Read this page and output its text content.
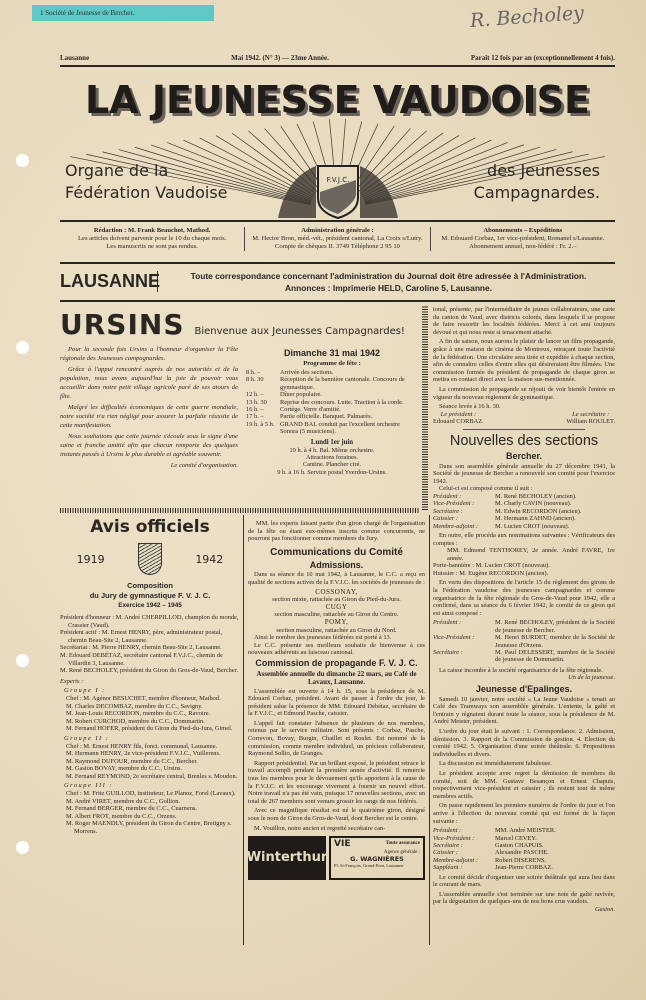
1 Société de Jeunesse de Bercher.	R. Becholey
Lausanne	Mai 1942. (N° 3) — 23me Année.	Paraît 12 fois par an (exceptionnellement 4 fois).
F.V.J.C.
LA JEUNESSE VAUDOISE
Organe de la
Fédération Vaudoise
des Jeunesses
Campagnardes.
Rédaction : M. Frank Beauchot, Mathod.
Les articles doivent parvenir pour le 10 du chaque mois.
Les manuscrits ne sont pas rendus.
Administration générale :
M. Hector Bron, méd.-vét., président cantonal, La Croix s/Lutry.
Compte de chèques II. 3749 Téléphone 2 95 10
Abonnements – Expéditions
M. Edouard Corbaz, 1er vice-président, Romanel s/Lausanne.
Abonnement annuel, non-fédéré : Fr. 2.–
LAUSANNE	Toute correspondance concernant l'administration du Journal doit être adressée à l'Administration.
Annonces : Imprimerie HELD, Caroline 5, Lausanne.
URSINS Bienvenue aux Jeunesses Campagnardes!

Pour la seconde fois Ursins a l'honneur d'organiser la Fête régionale des Jeunesses campagnardes.

Grâce à l'appui rencontré auprès de nos autorités et de la population, nous avons aujourd'hui la joie de pouvoir vous accueillir dans notre petit village agricole paré de ses atours de fête.

Malgré les difficultés économiques de cette guerre mondiale, notre société n'a rien négligé pour assurer la parfaite réussite de cette manifestation.

Nous souhaitons que cette journée s'écoule sous le signe d'une saine et franche amitié afin que chacun remporte des quelques instants passés à Ursins le plus durable et agréable souvenir.

Le comité d'organisation.

Dimanche 31 mai 1942
Programme de fête :
8 h. –	Arrivée des sections.
8 h. 30	Réception de la bannière cantonale. Concours de gymnastique.
12 h. –	Dîner populaire.
13 h. 30	Reprise des concours. Lutte. Traction à la corde.
16 h. –	Cortège. Verre d'amitié.
17 h. –	Partie officielle. Banquet. Palmarès.
19 h. à 5 h. GRAND BAL conduit par l'excellent orchestre Sonora (5 musiciens).
Lundi 1er juin
19 h. à 4 h. Bal. Même orchestre.
Attractions foraines.
Cantine. Plancher ciré.
9 h. à 16 h. Service postal Yverdon-Ursins.

tonal, présente, par l'intermédiaire de jeunes collaborateurs, une carte du canton de Vaud, avec districts colorés, dans lesquels il se propose de faire ressortir les localités fédérées. Merci à cet ami toujours dévoué et qui nous reste si tenacement attaché.

A fin de saison, nous aurons le plaisir de lancer un film propagande, grâce à une maison de cinéma de Montreux, retraçant toute l'activité de la fédération. Une circulaire sera tirée et expédiée à chaque section, afin de connaître celles d'entre elles qui désireraient être filmées. Une commission formée du président de propagande de chaque giron se mettra en contact direct avec la maison sus-mentionnée.

La commission de propagande se réjouit de voir bientôt l'entrée en vigueur du nouveau règlement de gymnastique.

Séance levée à 16 h. 30.

Le président :
Edouard CORBAZ.
Le secrétaire :
William ROULET.
Nouvelles des sections
Bercher.

Dans son assemblée générale annuelle du 27 décembre 1941, la Société de jeunesse de Bercher a renouvelé son comité pour l'exercice 1942.

Celui-ci est composé comme il suit :

Président :	M. René BECHOLEY (ancien).
Vice-Président :	M. Charly CAVIN (nouveau).
Secrétaire :	M. Edwin RECORDON (ancien).
Caissier :	M. Hermann ZAHND (ancien).
Membre-adjoint :	M. Lucien CROT (nouveau).

En outre, elle procéda aux nominations suivantes : Vérificateurs des comptes :

MM. Edmond TENTHOREY, 2e année. André FAVRE, 1re année.

Porte-bannière : M. Lucien CROT (nouveau).

Huissier : M. Eugène RECORDON (ancien).

En vertu des dispositions de l'article 15 du règlement des girons de la Fédération vaudoise des jeunesses campagnardes et comme organisatrice de la fête régionale du Gros-de-Vaud pour 1942, elle a confirmé, dans sa séance du 6 février 1942, le comité de ce giron qui est ainsi composé :

Président :	M. René BECHOLEY, président de la Société de jeunesse de Bercher.
Vice-Président :	M. Henri BURDET, membre de la Société de Jeunesse d'Orzens.
Secrétaire :	M. Paul DELESSERT, membre de la Société de jeunesse de Dommartin.

La caisse incombe à la société organisatrice de la fête régionale.

Un de la jeunesse.

Jeunesse d'Epalinges.

Samedi 10 janvier, notre société « La Jeune Vaudoise » tenait au Café des Tramways son assemblée générale. L'entente, la gaîté et l'entrain y régnaient durant toute la séance, sous la présidence de M. André Meister, président.

L'ordre du jour était le suivant : 1. Correspondance. 2. Admission, démission. 3. Rapport de la Commission de gestion. 4. Election du comité 1942. 5. Organisation d'une soirée théâtrale. 6. Propositions individuelles et divers.

La discussion est immédiatement fabuleuse.

Le président accepte avec regret la démission de membres du comité, soit de MM. Gustave Besançon et Ernest Chapuis, respectivement vice-président et caissier ; ils restent tout de même membres actifs.

On passe rapidement les premiers numéros de l'ordre du jour et l'on arrive à l'élection du nouveau comité qui est formé de la façon suivante :

Président :	MM. André MEISTER.
Vice-Président :	Marcel CEVEY.
Secrétaire :	Gaston CHAPUIS.
Caissier :	Alexandre PASCHE.
Membre-adjoint :	Robert DISERENS.
Suppléant :	Jean-Pierre CORBAZ.

Le comité décide d'organiser une soirée théâtrale qui aura lieu dans le courant de mars.

L'assemblée annuelle s'est terminée sur une note de gaîté ravivée, par la dégustation de quelques-uns de nos bons crus vaudois.

Gaston.

Avis officiels
1919	1942
Composition
du Jury de gymnastique F. V. J. C.
Exercice 1942 – 1945

Président d'honneur : M. André CHERPILLOD, champion du monde, Crassier (Vaud).

Président actif : M. Ernest HENRY, père, administrateur postal, chemin Beau-Site 2, Lausanne.

Secrétariat : M. Pierre HENRY, chemin Beau-Site 2, Lausanne.

M. Edouard DEBÉTAZ, secrétaire cantonal F.V.J.C., chemin de Villardin 3, Lausanne.

M. René BECHOLEY, président du Giron du Gros-de-Vaud, Bercher.

Experts :

Groupe I :

Chef : M. Agénor BESUCHET, membre d'honneur, Mathod.

M. Charles DECOMBAZ, membre du C.C., Savigny.

M. Jean-Louis RECORDON, membre du C.C., Ravoire.

M. Robert CURCHOD, membre du C.C., Dommartin.

M. Fernand HOFER, président du Giron du Pied-du-Jura, Gimel.

Groupe II :

Chef : M. Ernest HENRY fils, fonct. communal, Lausanne.

M. Hermann HENRY, 2e vice-président F.V.J.C., Vuillerens.

M. Raymond DUFOUR, membre du C.C., Bercher.

M. Gaston BOVAY, membre du C.C., Ursins.

M. Fernand REYMOND, 2e secrétaire central, Brenles s. Moudon.

Groupe III :

Chef : M. Fritz GUILLOD, instituteur, Le Planoz, Forel (Lavaux).

M. André VIRET, membre du C.C., Gollion.

M. Fernand BERGER, membre du C.C., Cuarnens.

M. Albert FROT, membre du C.C., Orzens.

M. Roger MAENDLY, président du Giron du Centre, Bretigny s. Morrens.

MM. les experts faisant partie d'un giron chargé de l'organisation de la fête ou étant eux-mêmes inscrits comme concurrents, ne pourront pas fonctionner comme membres du Jury.

Communications du Comité
Admissions.

Dans sa séance du 10 mai 1942, à Lausanne, le C.C. a reçu en qualité de sections actives de la F.V.J.C. les sociétés de jeunesses de :

COSSONAY,
section mixte, rattachée au Giron du Pied-du-Jura.
CUGY
section masculine, rattachée au Giron du Centre.
POMY,
section masculine, rattachée au Giron du Nord.

Ainsi le nombre des jeunesses fédérées est porté à 13.

Le C.C. présente ses meilleurs souhaits de bienvenue à ces nouveaux adhérents au faisceau cantonal.

Commission de propagande F. V. J. C.
Assemblée annuelle du dimanche 22 mars, au Café de Lavaux, Lausanne.

L'assemblée est ouverte à 14 h. 15, sous la présidence de M. Edouard Corbaz, président. Avant de passer à l'ordre du jour, le président salue la présence de MM. Edouard Debétaz, secrétaire de la F.V.J.C., et Edmond Pasche, caissier.

L'appel fait constater l'absence de plusieurs de nos membres, retenus par le service militaire. Sont présents : Corbaz, Pasche, Correvon, Bovay, Burgin, Chaillet et Roulet. Est nommé de la commission, comme membre individuel, un précieux collaborateur, Raymond Sollio, de Granges.

Rapport présidentiel. Par un brillant exposé, le président retrace le travail accompli pendant la première année d'activité. Il remercie tous les membres pour le dévouement qu'ils apportent à la cause de la F.V.J.C. et les encourage vivement à fournir un nouvel effort. Notre travail n'a pas été vain, puisque 17 nouvelles sections, avec un total de 267 membres sont venues grossir les rangs de nos fédérés.

Avec ce magnifique résultat est né le quatrième giron, désigné sous le nom de Giron du Gros-de-Vaud, dont Bercher est le centre.

M. Vouillon, notre ancien et regretté secrétaire can-

Winterthur
VIE	Toute assurance
Agence générale :
G. WAGNIÈRES
Pl. St-François, Grand-Pont, Lausanne
